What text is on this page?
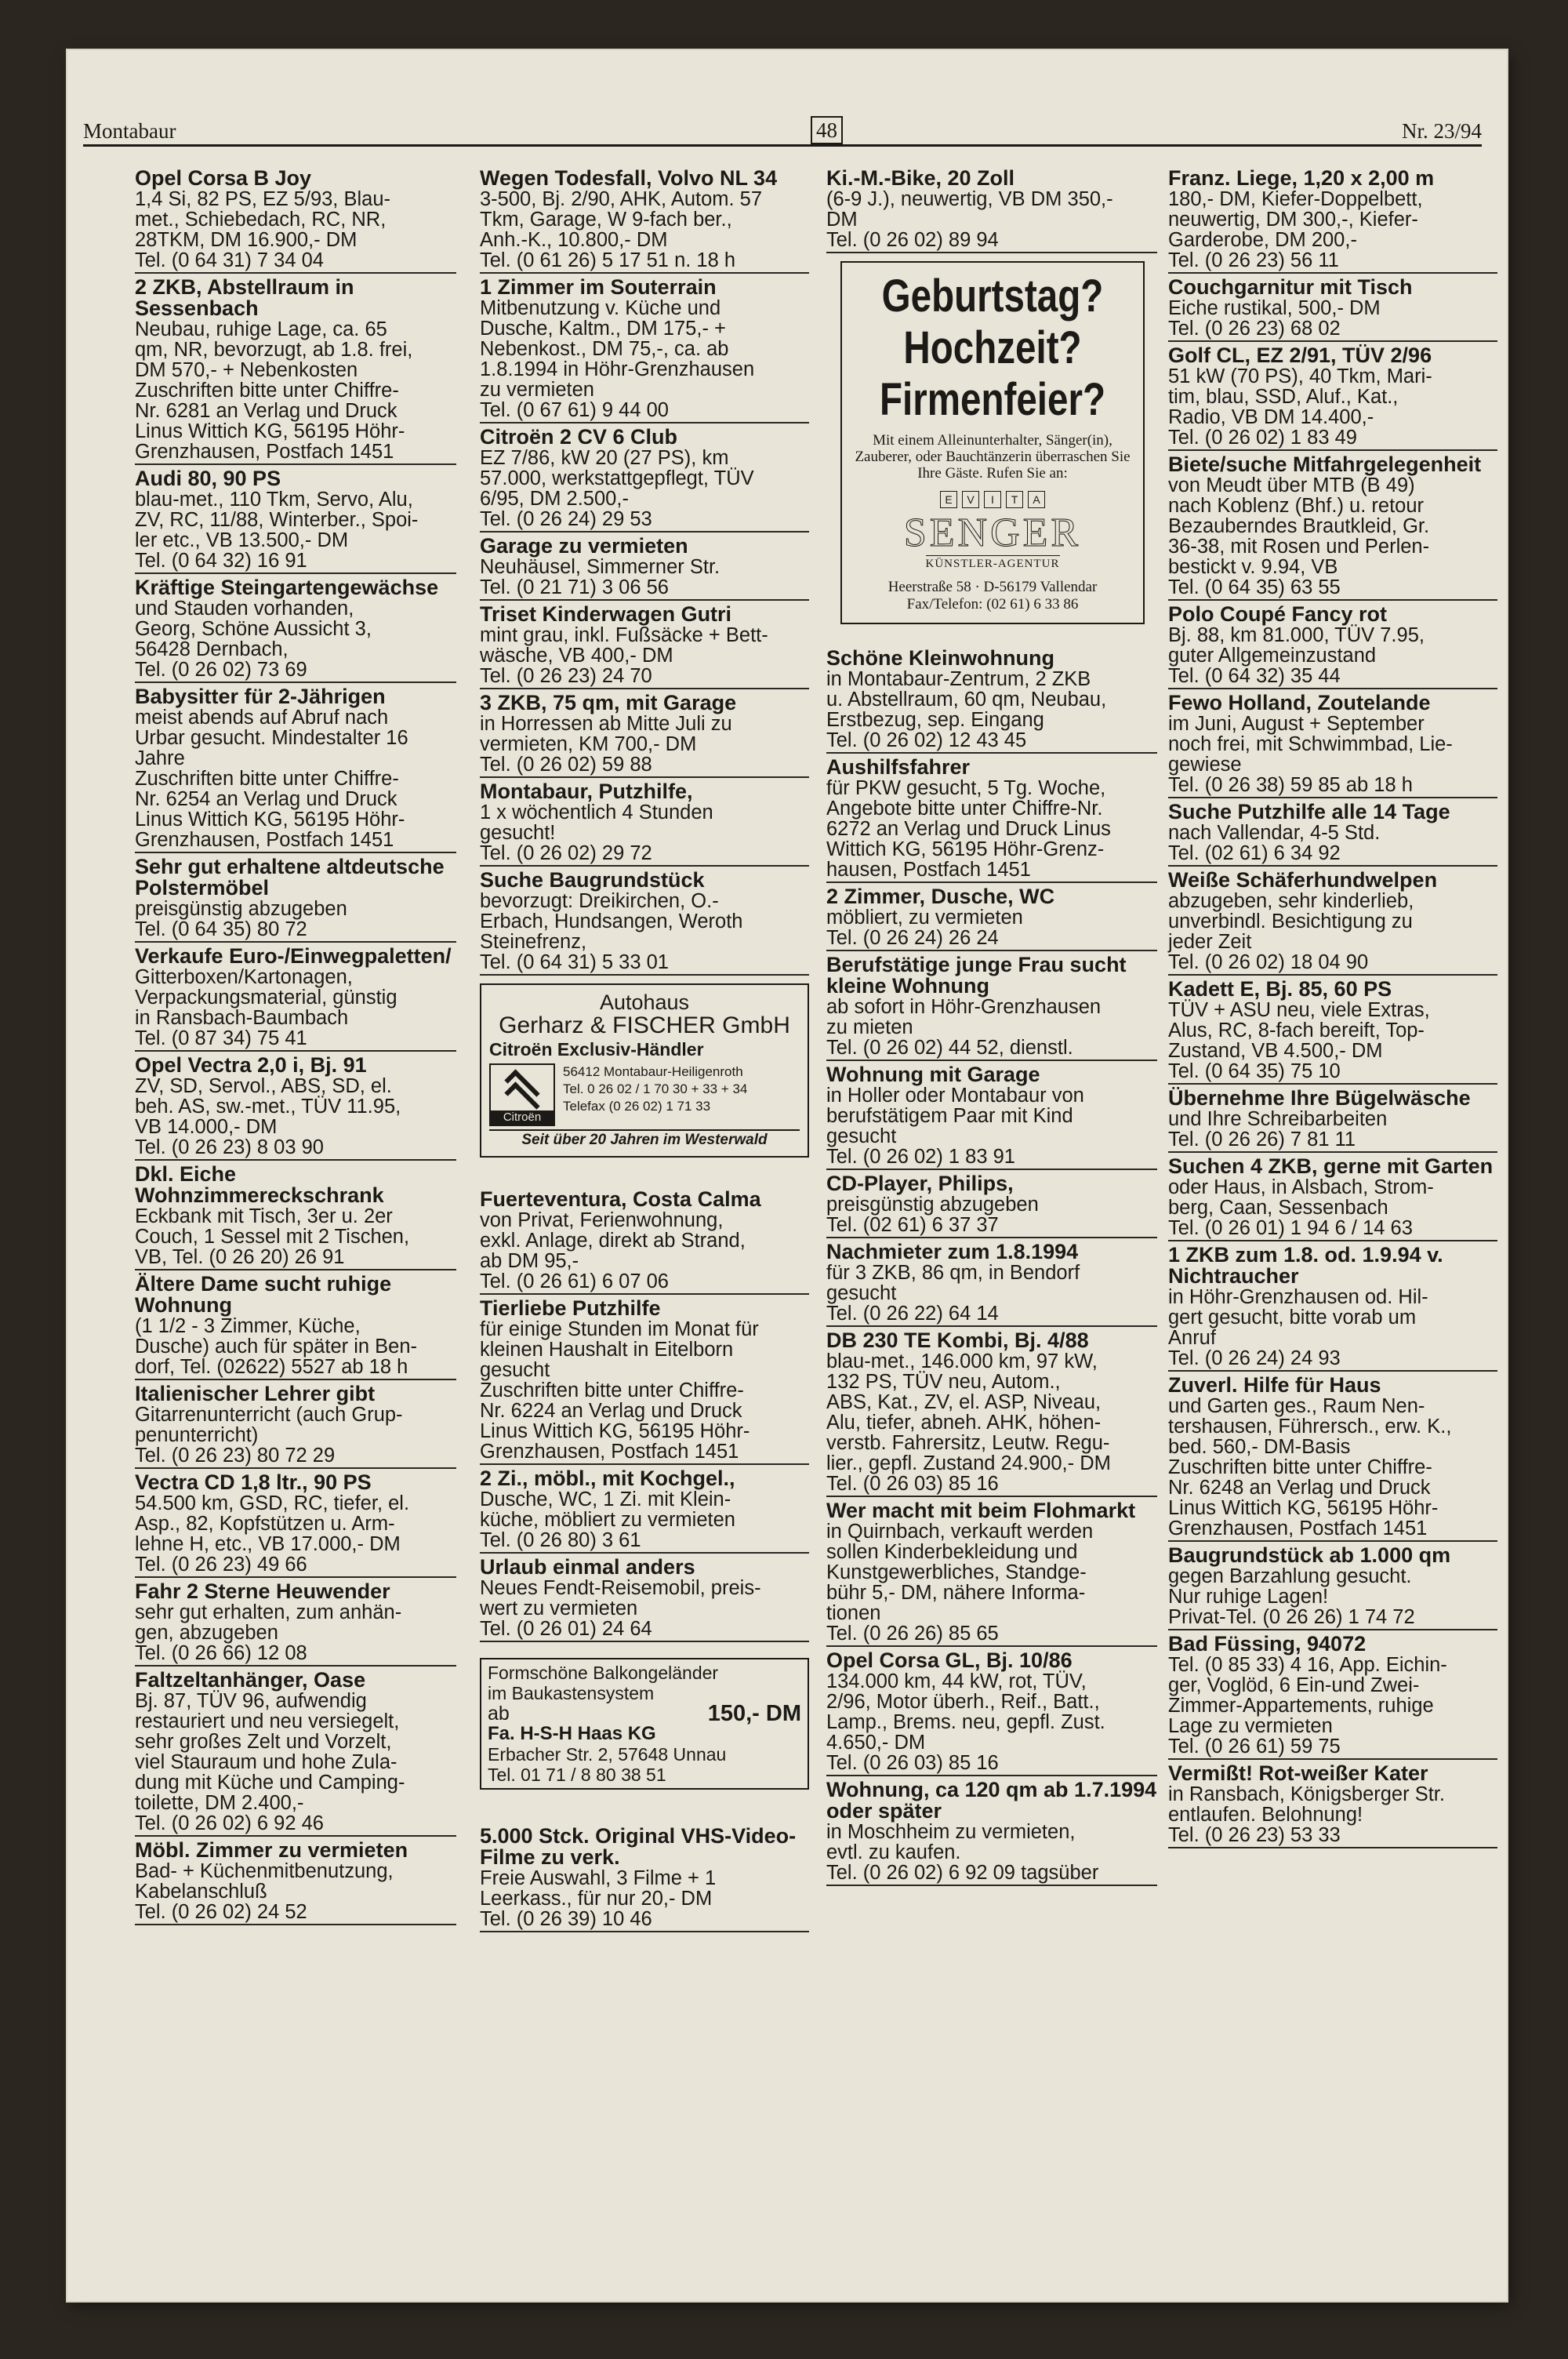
Montabaur	48	Nr. 23/94
Opel Corsa B Joy
1,4 Si, 82 PS, EZ 5/93, Blau-
met., Schiebedach, RC, NR,
28TKM, DM 16.900,- DM
Tel. (0 64 31) 7 34 04
2 ZKB, Abstellraum in Sessenbach
Neubau, ruhige Lage, ca. 65
qm, NR, bevorzugt, ab 1.8. frei,
DM 570,- + Nebenkosten
Zuschriften bitte unter Chiffre-
Nr. 6281 an Verlag und Druck
Linus Wittich KG, 56195 Höhr-
Grenzhausen, Postfach 1451
Audi 80, 90 PS
blau-met., 110 Tkm, Servo, Alu,
ZV, RC, 11/88, Winterber., Spoi-
ler etc., VB 13.500,- DM
Tel. (0 64 32) 16 91
Kräftige Steingartengewächse
und Stauden vorhanden,
Georg, Schöne Aussicht 3,
56428 Dernbach,
Tel. (0 26 02) 73 69
Babysitter für 2-Jährigen
meist abends auf Abruf nach
Urbar gesucht. Mindestalter 16
Jahre
Zuschriften bitte unter Chiffre-
Nr. 6254 an Verlag und Druck
Linus Wittich KG, 56195 Höhr-
Grenzhausen, Postfach 1451
Sehr gut erhaltene altdeutsche Polstermöbel
preisgünstig abzugeben
Tel. (0 64 35) 80 72
Verkaufe Euro-/Einwegpaletten/
Gitterboxen/Kartonagen,
Verpackungsmaterial, günstig
in Ransbach-Baumbach
Tel. (0 87 34) 75 41
Opel Vectra 2,0 i, Bj. 91
ZV, SD, Servol., ABS, SD, el.
beh. AS, sw.-met., TÜV 11.95,
VB 14.000,- DM
Tel. (0 26 23) 8 03 90
Dkl. Eiche Wohnzimmereckschrank
Eckbank mit Tisch, 3er u. 2er
Couch, 1 Sessel mit 2 Tischen,
VB, Tel. (0 26 20) 26 91
Ältere Dame sucht ruhige Wohnung
(1 1/2 - 3 Zimmer, Küche,
Dusche) auch für später in Ben-
dorf, Tel. (02622) 5527 ab 18 h
Italienischer Lehrer gibt
Gitarrenunterricht (auch Grup-
penunterricht)
Tel. (0 26 23) 80 72 29
Vectra CD 1,8 ltr., 90 PS
54.500 km, GSD, RC, tiefer, el.
Asp., 82, Kopfstützen u. Arm-
lehne H, etc., VB 17.000,- DM
Tel. (0 26 23) 49 66
Fahr 2 Sterne Heuwender
sehr gut erhalten, zum anhän-
gen, abzugeben
Tel. (0 26 66) 12 08
Faltzeltanhänger, Oase
Bj. 87, TÜV 96, aufwendig
restauriert und neu versiegelt,
sehr großes Zelt und Vorzelt,
viel Stauraum und hohe Zula-
dung mit Küche und Camping-
toilette, DM 2.400,-
Tel. (0 26 02) 6 92 46
Möbl. Zimmer zu vermieten
Bad- + Küchenmitbenutzung,
Kabelanschluß
Tel. (0 26 02) 24 52
Wegen Todesfall, Volvo NL 34
3-500, Bj. 2/90, AHK, Autom. 57
Tkm, Garage, W 9-fach ber.,
Anh.-K., 10.800,- DM
Tel. (0 61 26) 5 17 51 n. 18 h
1 Zimmer im Souterrain
Mitbenutzung v. Küche und
Dusche, Kaltm., DM 175,- +
Nebenkost., DM 75,-, ca. ab
1.8.1994 in Höhr-Grenzhausen
zu vermieten
Tel. (0 67 61) 9 44 00
Citroën 2 CV 6 Club
EZ 7/86, kW 20 (27 PS), km
57.000, werkstattgepflegt, TÜV
6/95, DM 2.500,-
Tel. (0 26 24) 29 53
Garage zu vermieten
Neuhäusel, Simmerner Str.
Tel. (0 21 71) 3 06 56
Triset Kinderwagen Gutri
mint grau, inkl. Fußsäcke + Bett-
wäsche, VB 400,- DM
Tel. (0 26 23) 24 70
3 ZKB, 75 qm, mit Garage
in Horressen ab Mitte Juli zu
vermieten, KM 700,- DM
Tel. (0 26 02) 59 88
Montabaur, Putzhilfe,
1 x wöchentlich 4 Stunden
gesucht!
Tel. (0 26 02) 29 72
Suche Baugrundstück
bevorzugt: Dreikirchen, O.-
Erbach, Hundsangen, Weroth
Steinefrenz,
Tel. (0 64 31) 5 33 01
Autohaus
Gerharz & FISCHER GmbH
Citroën Exclusiv-Händler
Citroën
56412 Montabaur-Heiligenroth
Tel. 0 26 02 / 1 70 30 + 33 + 34
Telefax (0 26 02) 1 71 33
Seit über 20 Jahren im Westerwald
Fuerteventura, Costa Calma
von Privat, Ferienwohnung,
exkl. Anlage, direkt ab Strand,
ab DM 95,-
Tel. (0 26 61) 6 07 06
Tierliebe Putzhilfe
für einige Stunden im Monat für
kleinen Haushalt in Eitelborn
gesucht
Zuschriften bitte unter Chiffre-
Nr. 6224 an Verlag und Druck
Linus Wittich KG, 56195 Höhr-
Grenzhausen, Postfach 1451
2 Zi., möbl., mit Kochgel.,
Dusche, WC, 1 Zi. mit Klein-
küche, möbliert zu vermieten
Tel. (0 26 80) 3 61
Urlaub einmal anders
Neues Fendt-Reisemobil, preis-
wert zu vermieten
Tel. (0 26 01) 24 64
Formschöne Balkongeländer
im Baukastensystem
ab	150,- DM
Fa. H-S-H Haas KG
Erbacher Str. 2, 57648 Unnau
Tel. 01 71 / 8 80 38 51
5.000 Stck. Original VHS-Video-Filme zu verk.
Freie Auswahl, 3 Filme + 1
Leerkass., für nur 20,- DM
Tel. (0 26 39) 10 46
Ki.-M.-Bike, 20 Zoll
(6-9 J.), neuwertig, VB DM 350,-
DM
Tel. (0 26 02) 89 94
Geburtstag?
Hochzeit?
Firmenfeier?
Mit einem Alleinunterhalter, Sänger(in), Zauberer, oder Bauchtänzerin überraschen Sie Ihre Gäste. Rufen Sie an:
E	V	I	T	A
SENGER
KÜNSTLER-AGENTUR
Heerstraße 58 · D-56179 Vallendar
Fax/Telefon: (02 61) 6 33 86
Schöne Kleinwohnung
in Montabaur-Zentrum, 2 ZKB
u. Abstellraum, 60 qm, Neubau,
Erstbezug, sep. Eingang
Tel. (0 26 02) 12 43 45
Aushilfsfahrer
für PKW gesucht, 5 Tg. Woche,
Angebote bitte unter Chiffre-Nr.
6272 an Verlag und Druck Linus
Wittich KG, 56195 Höhr-Grenz-
hausen, Postfach 1451
2 Zimmer, Dusche, WC
möbliert, zu vermieten
Tel. (0 26 24) 26 24
Berufstätige junge Frau sucht kleine Wohnung
ab sofort in Höhr-Grenzhausen
zu mieten
Tel. (0 26 02) 44 52, dienstl.
Wohnung mit Garage
in Holler oder Montabaur von
berufstätigem Paar mit Kind
gesucht
Tel. (0 26 02) 1 83 91
CD-Player, Philips,
preisgünstig abzugeben
Tel. (02 61) 6 37 37
Nachmieter zum 1.8.1994
für 3 ZKB, 86 qm, in Bendorf
gesucht
Tel. (0 26 22) 64 14
DB 230 TE Kombi, Bj. 4/88
blau-met., 146.000 km, 97 kW,
132 PS, TÜV neu, Autom.,
ABS, Kat., ZV, el. ASP, Niveau,
Alu, tiefer, abneh. AHK, höhen-
verstb. Fahrersitz, Leutw. Regu-
lier., gepfl. Zustand 24.900,- DM
Tel. (0 26 03) 85 16
Wer macht mit beim Flohmarkt
in Quirnbach, verkauft werden
sollen Kinderbekleidung und
Kunstgewerbliches, Standge-
bühr 5,- DM, nähere Informa-
tionen
Tel. (0 26 26) 85 65
Opel Corsa GL, Bj. 10/86
134.000 km, 44 kW, rot, TÜV,
2/96, Motor überh., Reif., Batt.,
Lamp., Brems. neu, gepfl. Zust.
4.650,- DM
Tel. (0 26 03) 85 16
Wohnung, ca 120 qm ab 1.7.1994 oder später
in Moschheim zu vermieten,
evtl. zu kaufen.
Tel. (0 26 02) 6 92 09 tagsüber
Franz. Liege, 1,20 x 2,00 m
180,- DM, Kiefer-Doppelbett,
neuwertig, DM 300,-, Kiefer-
Garderobe, DM 200,-
Tel. (0 26 23) 56 11
Couchgarnitur mit Tisch
Eiche rustikal, 500,- DM
Tel. (0 26 23) 68 02
Golf CL, EZ 2/91, TÜV 2/96
51 kW (70 PS), 40 Tkm, Mari-
tim, blau, SSD, Aluf., Kat.,
Radio, VB DM 14.400,-
Tel. (0 26 02) 1 83 49
Biete/suche Mitfahrgelegenheit
von Meudt über MTB (B 49)
nach Koblenz (Bhf.) u. retour
Bezaubernd​es Brautkleid, Gr.
36-38, mit Rosen und Perlen-
bestickt v. 9.94, VB
Tel. (0 64 35) 63 55
Polo Coupé Fancy rot
Bj. 88, km 81.000, TÜV 7.95,
guter Allgemeinzustand
Tel. (0 64 32) 35 44
Fewo Holland, Zoutelande
im Juni, August + September
noch frei, mit Schwimmbad, Lie-
gewiese
Tel. (0 26 38) 59 85 ab 18 h
Suche Putzhilfe alle 14 Tage
nach Vallendar, 4-5 Std.
Tel. (02 61) 6 34 92
Weiße Schäferhundwelpen
abzugeben, sehr kinderlieb,
unverbindl. Besichtigung zu
jeder Zeit
Tel. (0 26 02) 18 04 90
Kadett E, Bj. 85, 60 PS
TÜV + ASU neu, viele Extras,
Alus, RC, 8-fach bereift, Top-
Zustand, VB 4.500,- DM
Tel. (0 64 35) 75 10
Übernehme Ihre Bügelwäsche
und Ihre Schreibarbeiten
Tel. (0 26 26) 7 81 11
Suchen 4 ZKB, gerne mit Garten
oder Haus, in Alsbach, Strom-
berg, Caan, Sessenbach
Tel. (0 26 01) 1 94 6 / 14 63
1 ZKB zum 1.8. od. 1.9.94 v. Nichtraucher
in Höhr-Grenzhausen od. Hil-
gert gesucht, bitte vorab um
Anruf
Tel. (0 26 24) 24 93
Zuverl. Hilfe für Haus
und Garten ges., Raum Nen-
tershausen, Führersch., erw. K.,
bed. 560,- DM-Basis
Zuschriften bitte unter Chiffre-
Nr. 6248 an Verlag und Druck
Linus Wittich KG, 56195 Höhr-
Grenzhausen, Postfach 1451
Baugrundstück ab 1.000 qm
gegen Barzahlung gesucht.
Nur ruhige Lagen!
Privat-Tel. (0 26 26) 1 74 72
Bad Füssing, 94072
Tel. (0 85 33) 4 16, App. Eichin-
ger, Voglöd, 6 Ein-und Zwei-
Zimmer-Appartements, ruhige
Lage zu vermieten
Tel. (0 26 61) 59 75
Vermißt! Rot-weißer Kater
in Ransbach, Königsberger Str.
entlaufen. Belohnung!
Tel. (0 26 23) 53 33
